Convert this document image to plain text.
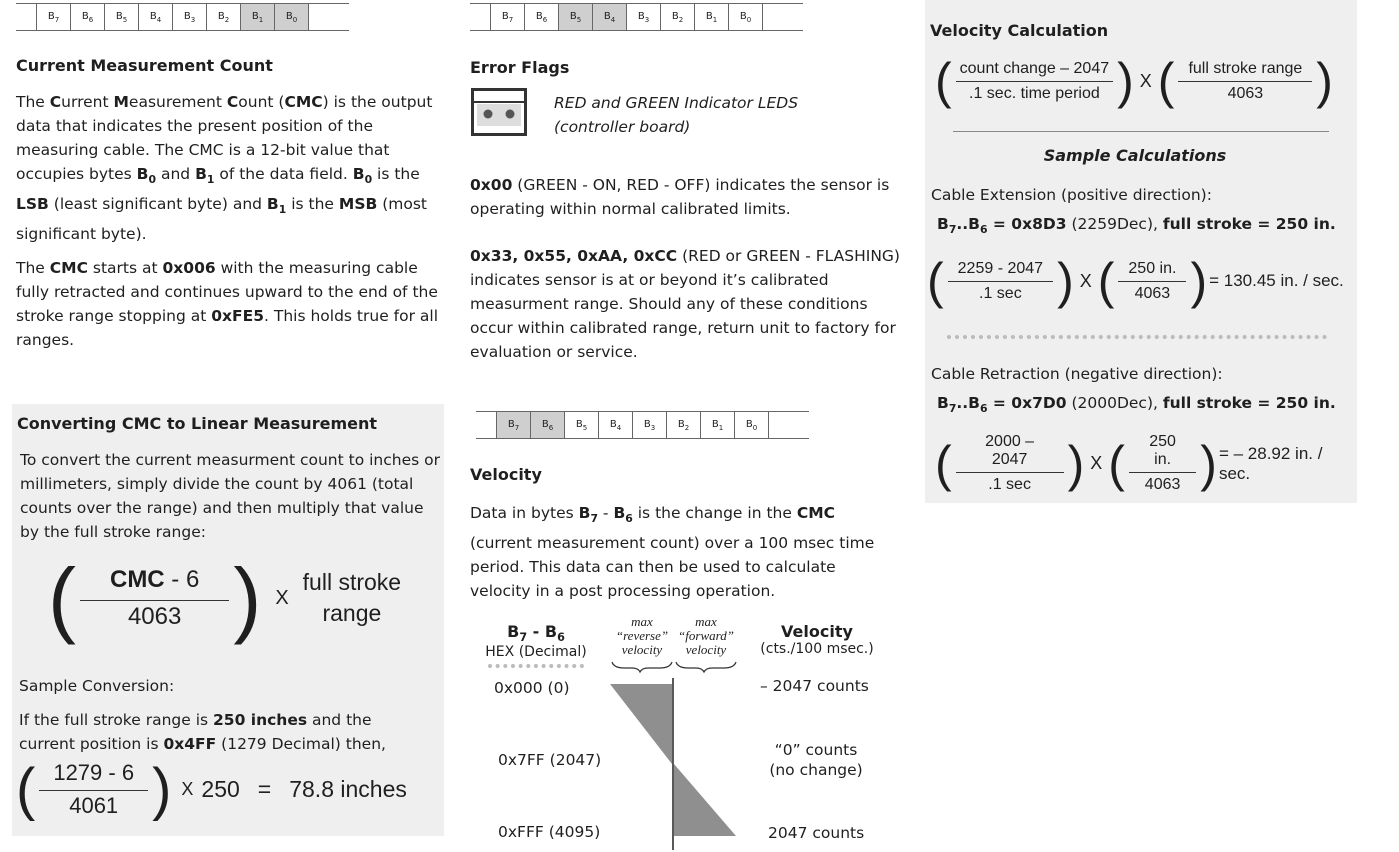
$B_7$ $B_6$ $B_5$ $B_4$ $B_3$ $B_2$ $B_1$ $B_0$
Current Measurement Count

The Current Measurement Count (CMC) is the output data that indicates the present position of the measuring cable. The CMC is a 12-bit value that occupies bytes $B_0$ and $B_1$ of the data field. $B_0$ is the LSB (least significant byte) and $B_1$ is the MSB (most significant byte).

The CMC starts at 0x006 with the measuring cable fully retracted and continues upward to the end of the stroke range stopping at 0xFE5. This holds true for all ranges.

Converting CMC to Linear Measurement

To convert the current measurment count to inches or millimeters, simply divide the count by 4061 (total counts over the range) and then multiply that value by the full stroke range:

( $\frac{\text{CMC - 6}}{4063}$ ) X
full stroke
range

Sample Conversion:

If the full stroke range is 250 inches and the current position is 0x4FF (1279 Decimal) then,

( $\frac{1279 - 6}{4061}$ ) X 250 = 78.8 inches
$B_7$ $B_6$ $B_5$ $B_4$ $B_3$ $B_2$ $B_1$ $B_0$
Error Flags
RED and GREEN Indicator LEDS
(controller board)

0x00 (GREEN - ON, RED - OFF) indicates the sensor is operating within normal calibrated limits.

0x33, 0x55, 0xAA, 0xCC (RED or GREEN - FLASHING) indicates sensor is at or beyond it’s calibrated measurment range. Should any of these conditions occur within calibrated range, return unit to factory for evaluation or service.

$B_7$ $B_6$ $B_5$ $B_4$ $B_3$ $B_2$ $B_1$ $B_0$
Velocity

Data in bytes $B_7 - B_6$ is the change in the CMC (current measurement count) over a 100 msec time period. This data can then be used to calculate velocity in a post processing operation.

$B_7 - B_6$
HEX (Decimal)
max
“reverse”
velocity
max
“forward”
velocity
Velocity
(cts./100 msec.)
0x000 (0)
0x7FF (2047)
0xFFF (4095)
– 2047 counts
“0” counts
(no change)
2047 counts
Velocity Calculation
( $\frac{\text{count change – 2047}}{\text{.1 sec. time period}}$ ) X ( $\frac{\text{full stroke range}}{4063}$ )
Sample Calculations

Cable Extension (positive direction):

$B_7..B_6 = 0x8D3$ (2259Dec), full stroke = 250 in.

( $\frac{2259 - 2047}{.1 \sec}$ ) X ( $\frac{250 in.}{4063}$ ) = 130.45 in. / sec.

Cable Retraction (negative direction):

$B_7..B_6 = 0x7D0$ (2000Dec), full stroke = 250 in.

( $\frac{2000 - 2047}{.1 \sec}$ ) X ( $\frac{250 in.}{4063}$ ) = – 28.92 in. / sec.
